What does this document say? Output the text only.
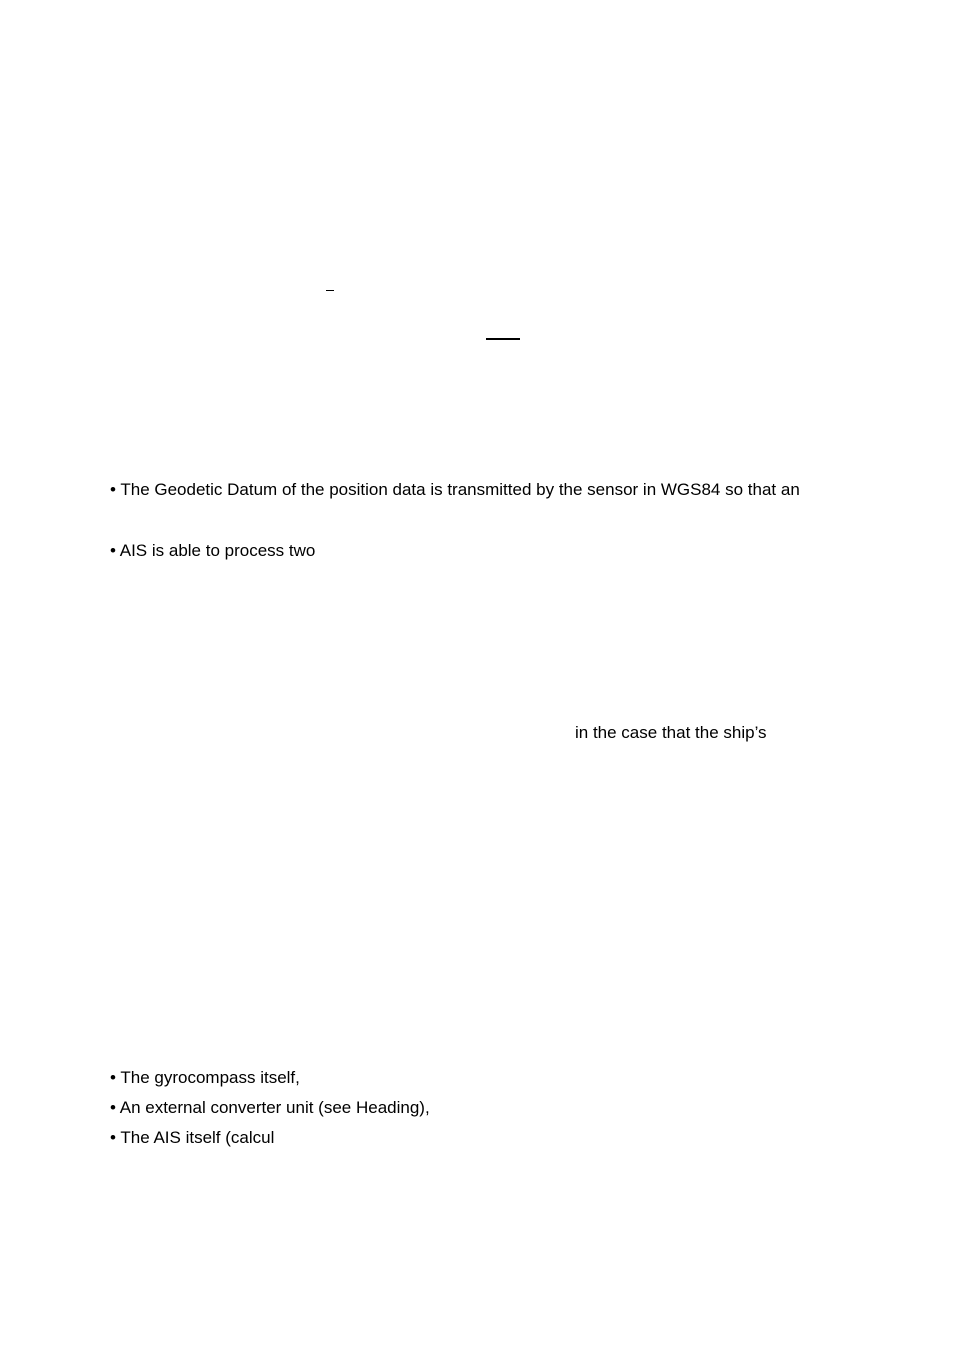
• The Geodetic Datum of the position data is transmitted by the sensor in WGS84 so that an
• AIS is able to process two
in the case that the ship’s
• The gyrocompass itself,
• An external converter unit (see Heading),
• The AIS itself (calcul
